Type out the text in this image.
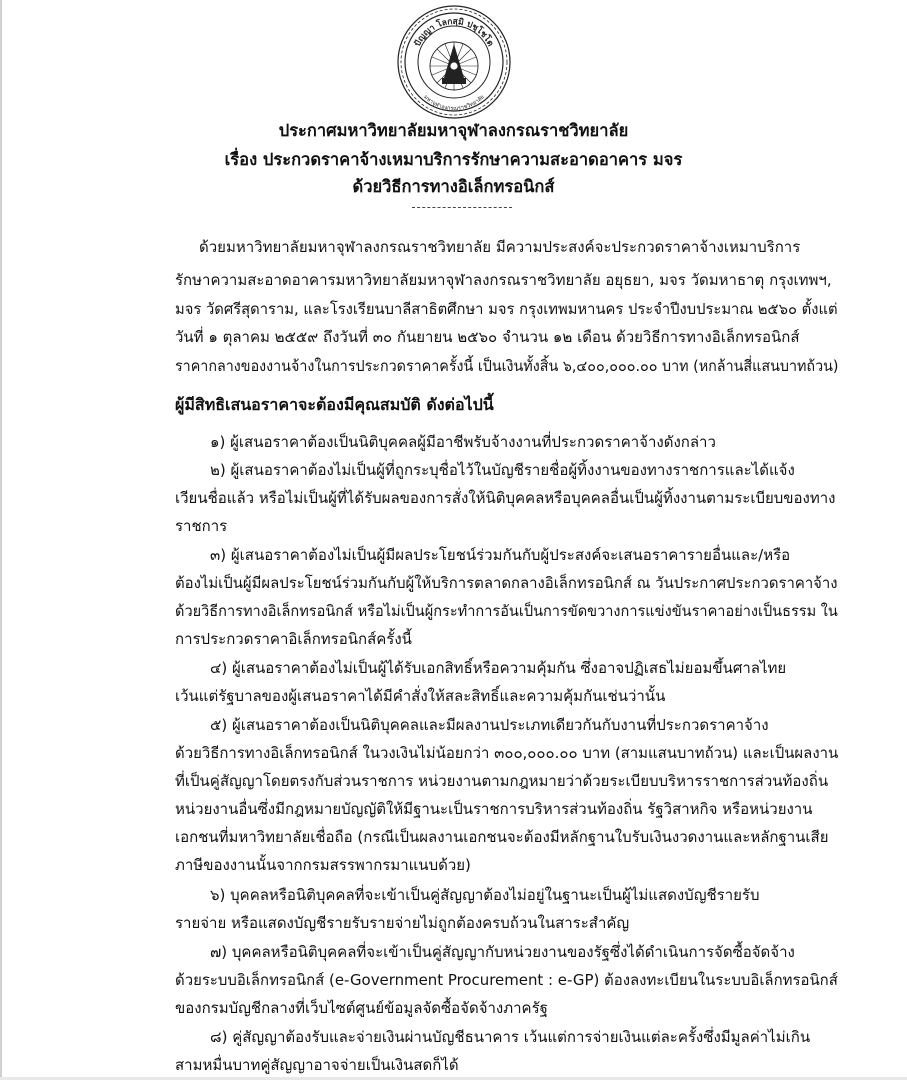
ปัญญา โลกสฺมิ ปชฺโชโต
มหาจุฬาลงกรณราชวิทยาลัย
ประกาศมหาวิทยาลัยมหาจุฬาลงกรณราชวิทยาลัย
เรื่อง ประกวดราคาจ้างเหมาบริการรักษาความสะอาดอาคาร มจร
ด้วยวิธีการทางอิเล็กทรอนิกส์
ด้วยมหาวิทยาลัยมหาจุฬาลงกรณราชวิทยาลัย มีความประสงค์จะประกวดราคาจ้างเหมาบริการ
รักษาความสะอาดอาคารมหาวิทยาลัยมหาจุฬาลงกรณราชวิทยาลัย อยุธยา, มจร วัดมหาธาตุ กรุงเทพฯ,
มจร วัดศรีสุดาราม, และโรงเรียนบาลีสาธิตศึกษา มจร กรุงเทพมหานคร ประจำปีงบประมาณ ๒๕๖๐ ตั้งแต่
วันที่ ๑ ตุลาคม ๒๕๕๙ ถึงวันที่ ๓๐ กันยายน ๒๕๖๐ จำนวน ๑๒ เดือน ด้วยวิธีการทางอิเล็กทรอนิกส์
ราคากลางของงานจ้างในการประกวดราคาครั้งนี้ เป็นเงินทั้งสิ้น ๖,๔๐๐,๐๐๐.๐๐ บาท (หกล้านสี่แสนบาทถ้วน)
ผู้มีสิทธิเสนอราคาจะต้องมีคุณสมบัติ ดังต่อไปนี้
๑) ผู้เสนอราคาต้องเป็นนิติบุคคลผู้มีอาชีพรับจ้างงานที่ประกวดราคาจ้างดังกล่าว
๒) ผู้เสนอราคาต้องไม่เป็นผู้ที่ถูกระบุชื่อไว้ในบัญชีรายชื่อผู้ทิ้งงานของทางราชการและได้แจ้ง
เวียนชื่อแล้ว หรือไม่เป็นผู้ที่ได้รับผลของการสั่งให้นิติบุคคลหรือบุคคลอื่นเป็นผู้ทิ้งงานตามระเบียบของทาง
ราชการ
๓) ผู้เสนอราคาต้องไม่เป็นผู้มีผลประโยชน์ร่วมกันกับผู้ประสงค์จะเสนอราคารายอื่นและ/หรือ
ต้องไม่เป็นผู้มีผลประโยชน์ร่วมกันกับผู้ให้บริการตลาดกลางอิเล็กทรอนิกส์ ณ วันประกาศประกวดราคาจ้าง
ด้วยวิธีการทางอิเล็กทรอนิกส์ หรือไม่เป็นผู้กระทำการอันเป็นการขัดขวางการแข่งขันราคาอย่างเป็นธรรม ใน
การประกวดราคาอิเล็กทรอนิกส์ครั้งนี้
๔) ผู้เสนอราคาต้องไม่เป็นผู้ได้รับเอกสิทธิ์หรือความคุ้มกัน ซึ่งอาจปฏิเสธไม่ยอมขึ้นศาลไทย
เว้นแต่รัฐบาลของผู้เสนอราคาได้มีคำสั่งให้สละสิทธิ์และความคุ้มกันเช่นว่านั้น
๕) ผู้เสนอราคาต้องเป็นนิติบุคคลและมีผลงานประเภทเดียวกันกับงานที่ประกวดราคาจ้าง
ด้วยวิธีการทางอิเล็กทรอนิกส์ ในวงเงินไม่น้อยกว่า ๓๐๐,๐๐๐.๐๐ บาท (สามแสนบาทถ้วน) และเป็นผลงาน
ที่เป็นคู่สัญญาโดยตรงกับส่วนราชการ หน่วยงานตามกฎหมายว่าด้วยระเบียบบริหารราชการส่วนท้องถิ่น
หน่วยงานอื่นซึ่งมีกฎหมายบัญญัติให้มีฐานะเป็นราชการบริหารส่วนท้องถิ่น รัฐวิสาหกิจ หรือหน่วยงาน
เอกชนที่มหาวิทยาลัยเชื่อถือ (กรณีเป็นผลงานเอกชนจะต้องมีหลักฐานใบรับเงินงวดงานและหลักฐานเสีย
ภาษีของงานนั้นจากกรมสรรพากรมาแนบด้วย)
๖) บุคคลหรือนิติบุคคลที่จะเข้าเป็นคู่สัญญาต้องไม่อยู่ในฐานะเป็นผู้ไม่แสดงบัญชีรายรับ
รายจ่าย หรือแสดงบัญชีรายรับรายจ่ายไม่ถูกต้องครบถ้วนในสาระสำคัญ
๗) บุคคลหรือนิติบุคคลที่จะเข้าเป็นคู่สัญญากับหน่วยงานของรัฐซึ่งได้ดำเนินการจัดซื้อจัดจ้าง
ด้วยระบบอิเล็กทรอนิกส์ (e-Government Procurement : e-GP) ต้องลงทะเบียนในระบบอิเล็กทรอนิกส์
ของกรมบัญชีกลางที่เว็บไซต์ศูนย์ข้อมูลจัดซื้อจัดจ้างภาครัฐ
๘) คู่สัญญาต้องรับและจ่ายเงินผ่านบัญชีธนาคาร เว้นแต่การจ่ายเงินแต่ละครั้งซึ่งมีมูลค่าไม่เกิน
สามหมื่นบาทคู่สัญญาอาจจ่ายเป็นเงินสดก็ได้
